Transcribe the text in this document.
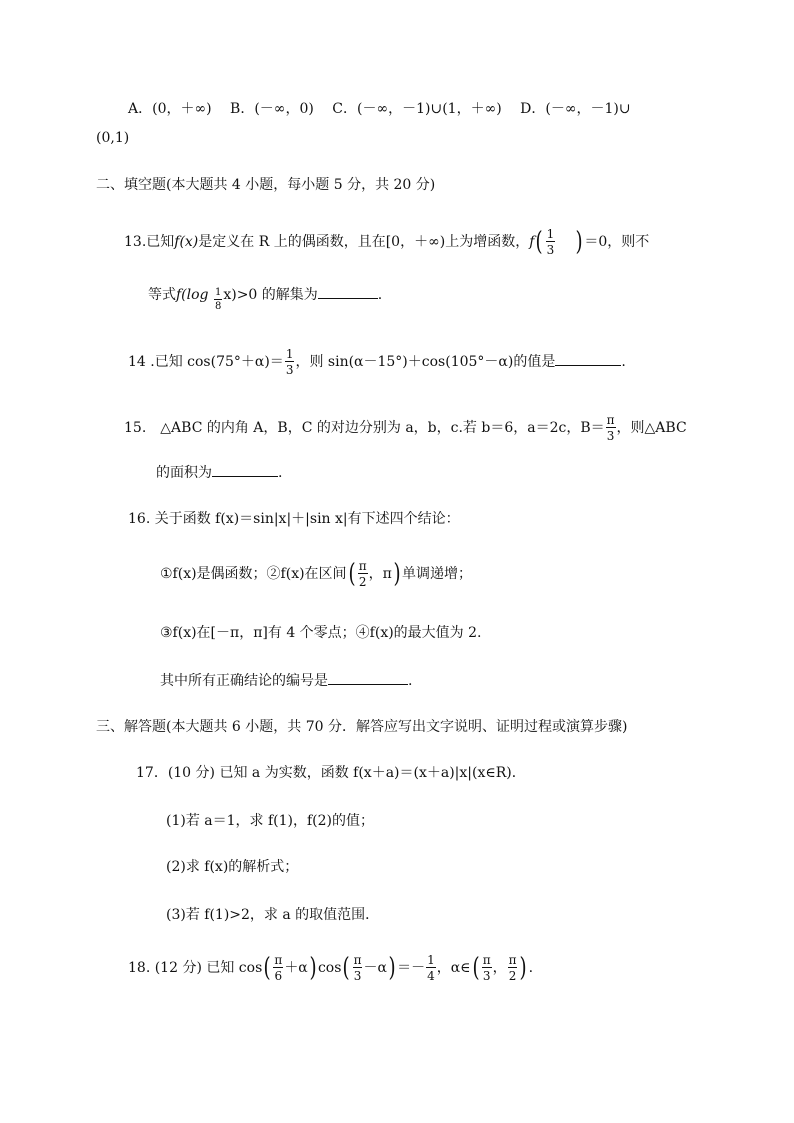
A．(0，＋∞)　 B．(－∞，0)　 C．(－∞，－1)∪(1，＋∞)　 D．(－∞，－1)∪
(0,1)
二、填空题(本大题共 4 小题，每小题 5 分，共 20 分)
13.已知f(x)是定义在 R 上的偶函数，且在[0，＋∞)上为增函数，$f( \frac{1}{3}$ ) ＝0，则不
等式$f(\log \frac{1}{8} x)>0$ 的解集为	.
14 .已知 $\cos(75^\circ+\alpha)= \frac{1}{3}$ ，则 sin(α－15°)＋cos(105°－α)的值是	.
15. △ABC 的内角 A，B，C 的对边分别为 a，b，c.若 b＝6，a＝2c，$B= \frac{\pi}{3}$ ，则△ABC
的面积为	.
16. 关于函数 f(x)＝sin|x|＋|sin x|有下述四个结论：
①f(x)是偶函数；②f(x)在区间( $\frac{\pi}{2}$ ，π) 单调递增；
③f(x)在[－π，π]有 4 个零点；④f(x)的最大值为 2.
其中所有正确结论的编号是	.
三、解答题(本大题共 6 小题，共 70 分．解答应写出文字说明、证明过程或演算步骤)
17．(10 分) 已知 a 为实数，函数 f(x＋a)＝(x＋a)|x|(x∈R)．
(1)若 a＝1，求 f(1)，f(2)的值；
(2)求 f(x)的解析式；
(3)若 f(1)>2，求 a 的取值范围．
18. (12 分) 已知 $\cos( \frac{\pi}{6} +\alpha)$ $\cos( \frac{\pi}{3} -\alpha) =- \frac{1}{4}$ ，α∈( $\frac{\pi}{3}$ ， $\frac{\pi}{2}$ ) .
